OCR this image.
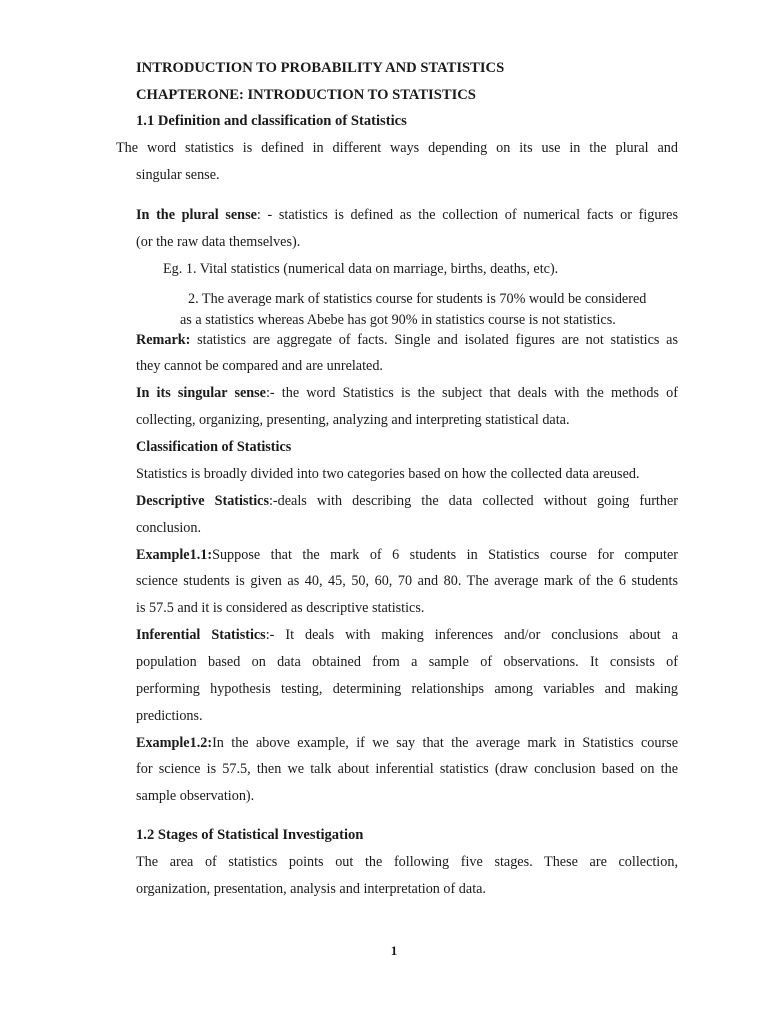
INTRODUCTION TO PROBABILITY AND STATISTICS
CHAPTERONE: INTRODUCTION TO STATISTICS
1.1 Definition and classification of Statistics
The word statistics is defined in different ways depending on its use in the plural and
singular sense.
In the plural sense: - statistics is defined as the collection of numerical facts or figures
(or the raw data themselves).
Eg. 1. Vital statistics (numerical data on marriage, births, deaths, etc).
2. The average mark of statistics course for students is 70% would be considered
as a statistics whereas Abebe has got 90% in statistics course is not statistics.
Remark: statistics are aggregate of facts. Single and isolated figures are not statistics as
they cannot be compared and are unrelated.
In its singular sense:- the word Statistics is the subject that deals with the methods of
collecting, organizing, presenting, analyzing and interpreting statistical data.
Classification of Statistics
Statistics is broadly divided into two categories based on how the collected data areused.
Descriptive Statistics:-deals with describing the data collected without going further
conclusion.
Example1.1:Suppose that the mark of 6 students in Statistics course for computer
science students is given as 40, 45, 50, 60, 70 and 80. The average mark of the 6 students
is 57.5 and it is considered as descriptive statistics.
Inferential Statistics:- It deals with making inferences and/or conclusions about a
population based on data obtained from a sample of observations. It consists of
performing hypothesis testing, determining relationships among variables and making
predictions.
Example1.2:In the above example, if we say that the average mark in Statistics course
for science is 57.5, then we talk about inferential statistics (draw conclusion based on the
sample observation).
1.2 Stages of Statistical Investigation
The area of statistics points out the following five stages. These are collection,
organization, presentation, analysis and interpretation of data.
1
